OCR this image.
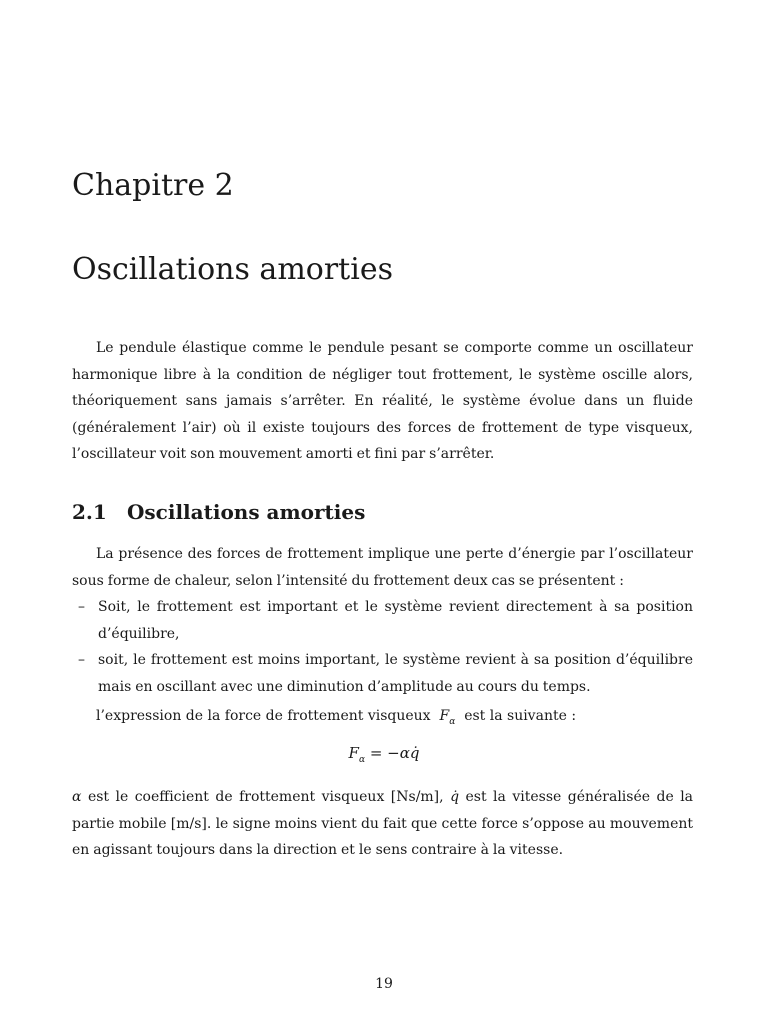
Chapitre 2
Oscillations amorties

Le pendule élastique comme le pendule pesant se comporte comme un oscillateur harmonique libre à la condition de négliger tout frottement, le système oscille alors, théoriquement sans jamais s’arrêter. En réalité, le système évolue dans un fluide (généralement l’air) où il existe toujours des forces de frottement de type visqueux, l’oscillateur voit son mouvement amorti et fini par s’arrêter.

2.1 Oscillations amorties

La présence des forces de frottement implique une perte d’énergie par l’oscillateur sous forme de chaleur, selon l’intensité du frottement deux cas se présentent :

– Soit, le frottement est important et le système revient directement à sa position d’équilibre,
– soit, le frottement est moins important, le système revient à sa position d’équilibre mais en oscillant avec une diminution d’amplitude au cours du temps.

l’expression de la force de frottement visqueux $F_\alpha$ est la suivante :

$F_\alpha$ = −αq̇

α est le coefficient de frottement visqueux [Ns/m], q̇ est la vitesse généralisée de la partie mobile [m/s]. le signe moins vient du fait que cette force s’oppose au mouvement en agissant toujours dans la direction et le sens contraire à la vitesse.

19
